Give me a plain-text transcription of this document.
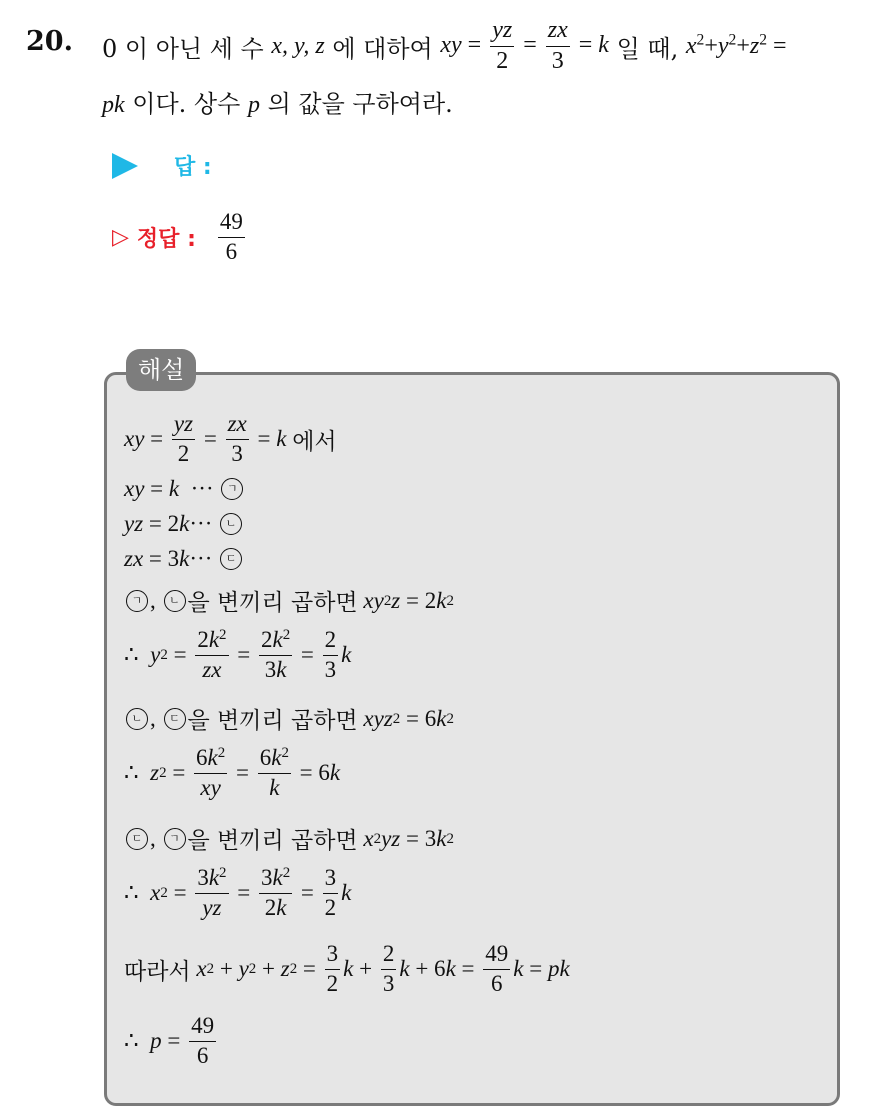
20. 0 이 아닌 세 수
x, y, z
에 대하여
xy = $\frac{yz}{2} = \frac{zx}{3} = k$
일 때,
$x^2+y^2+z^2$ =
pk 이다. 상수 p 의 값을 구하여라.
답 :
▷ 정답 : $\frac{49}{6}$
해설
xy = $\frac{yz}{2} = \frac{zx}{3} = k$
에서
xy = k ··· ㄱ
yz = 2 k ··· ㄴ
zx = 3 k ··· ㄷ
ㄱ , ㄴ 을 변끼리 곱하면
xy 2 z = 2 k 2
∴
y $2 = \frac{2k^2}{zx} = \frac{2k^2}{3k} = \frac{2}{3}$ k
ㄴ , ㄷ 을 변끼리 곱하면
xyz 2 = 6 k 2
∴
z $2 = \frac{6k^2}{xy} = \frac{6k^2}{k} = 6$ k
ㄷ , ㄱ 을 변끼리 곱하면
x 2 yz = 3 k 2
∴
x $2 = \frac{3k^2}{yz} = \frac{3k^2}{2k} = \frac{3}{2}$ k
따라서
x 2 + y 2 + z $2 = \frac{3}{2}$ $k + \frac{2}{3}$ k + 6 $k = \frac{49}{6}$ k = pk
∴
$p = \frac{49}{6}$
